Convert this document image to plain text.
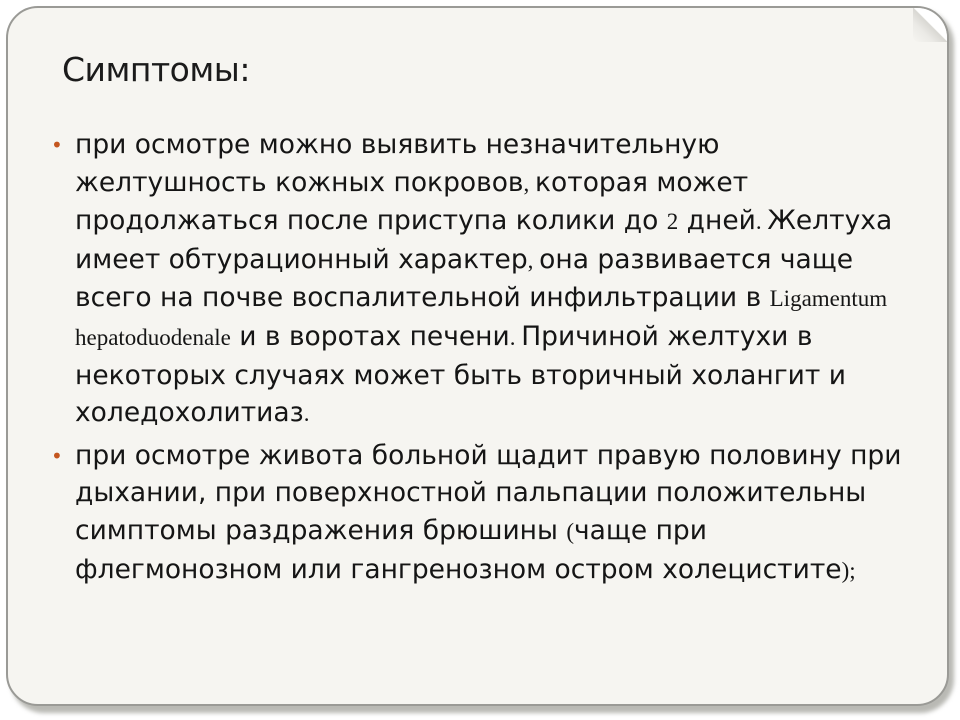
Симптомы:
• при осмотре можно выявить незначительную желтушность кожных покровов, которая может продолжаться после приступа колики до 2 дней. Желтуха имеет обтурационный характер, она развивается чаще всего на почве воспалительной инфильтрации в Ligamentum hepatoduodenale и в воротах печени. Причиной желтухи в некоторых случаях может быть вторичный холангит и холедохолитиаз.
• при осмотре живота больной щадит правую половину при дыхании, при поверхностной пальпации положительны симптомы раздражения брюшины (чаще при флегмонозном или гангренозном остром холецистите);
